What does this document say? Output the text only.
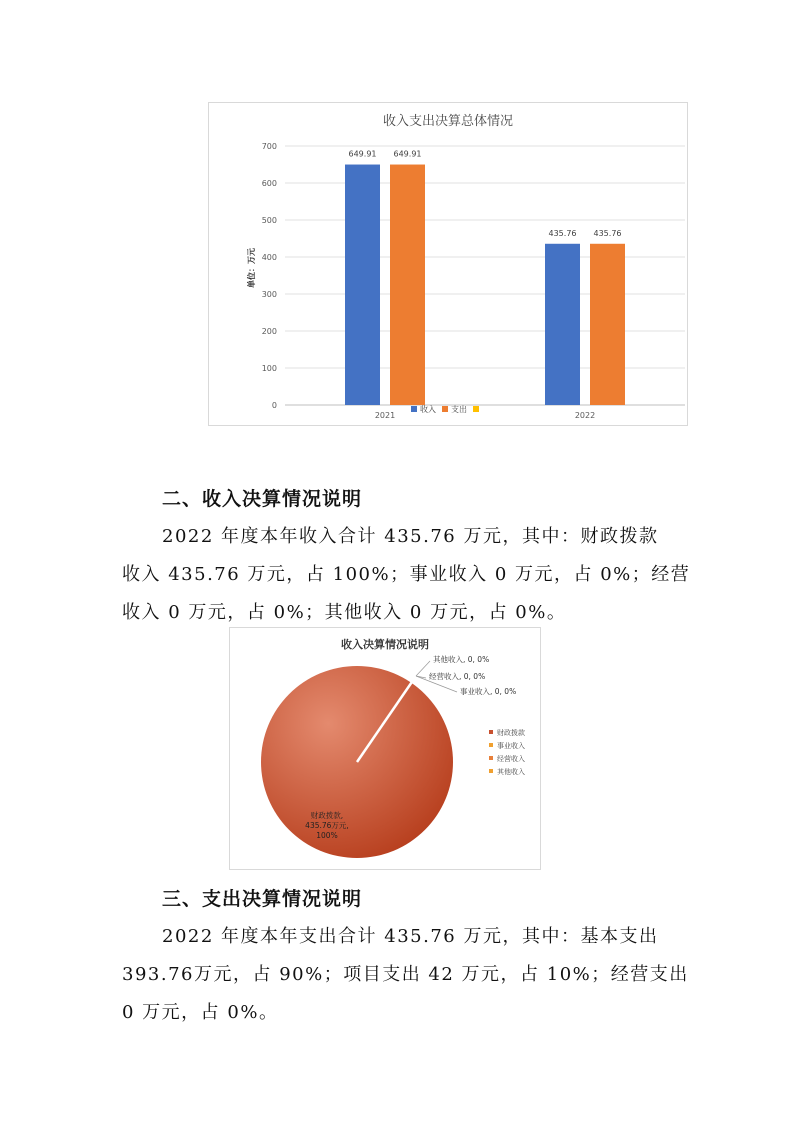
收入支出决算总体情况
单位：万元
0
100
200
300
400
500
600
700
649.91 649.91
2021
435.76 435.76
2022
收入 支出
二、收入决算情况说明

2022 年度本年收入合计 435.76 万元，其中：财政拨款
收入 435.76 万元，占 100%；事业收入 0 万元，占 0%；经营
收入 0 万元，占 0%；其他收入 0 万元，占 0%。

收入决算情况说明
其他收入, 0, 0%
经营收入, 0, 0%
事业收入, 0, 0%
财政拨款,
435.76万元,
100%
财政拨款
事业收入
经营收入
其他收入
三、支出决算情况说明

2022 年度本年支出合计 435.76 万元，其中：基本支出
393.76万元，占 90%；项目支出 42 万元，占 10%；经营支出
0 万元，占 0%。
